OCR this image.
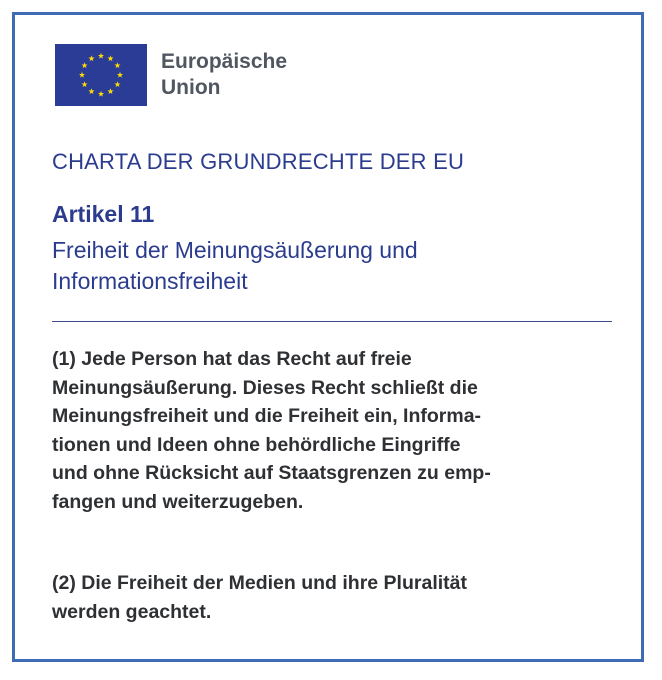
Europäische
Union
CHARTA DER GRUNDRECHTE DER EU
Artikel 11
Freiheit der Meinungsäußerung und
Informationsfreiheit
(1) Jede Person hat das Recht auf freie
Meinungsäußerung. Dieses Recht schließt die
Meinungsfreiheit und die Freiheit ein, Informa-
tionen und Ideen ohne behördliche Eingriffe
und ohne Rücksicht auf Staatsgrenzen zu emp-
fangen und weiterzugeben.
(2) Die Freiheit der Medien und ihre Pluralität
werden geachtet.
